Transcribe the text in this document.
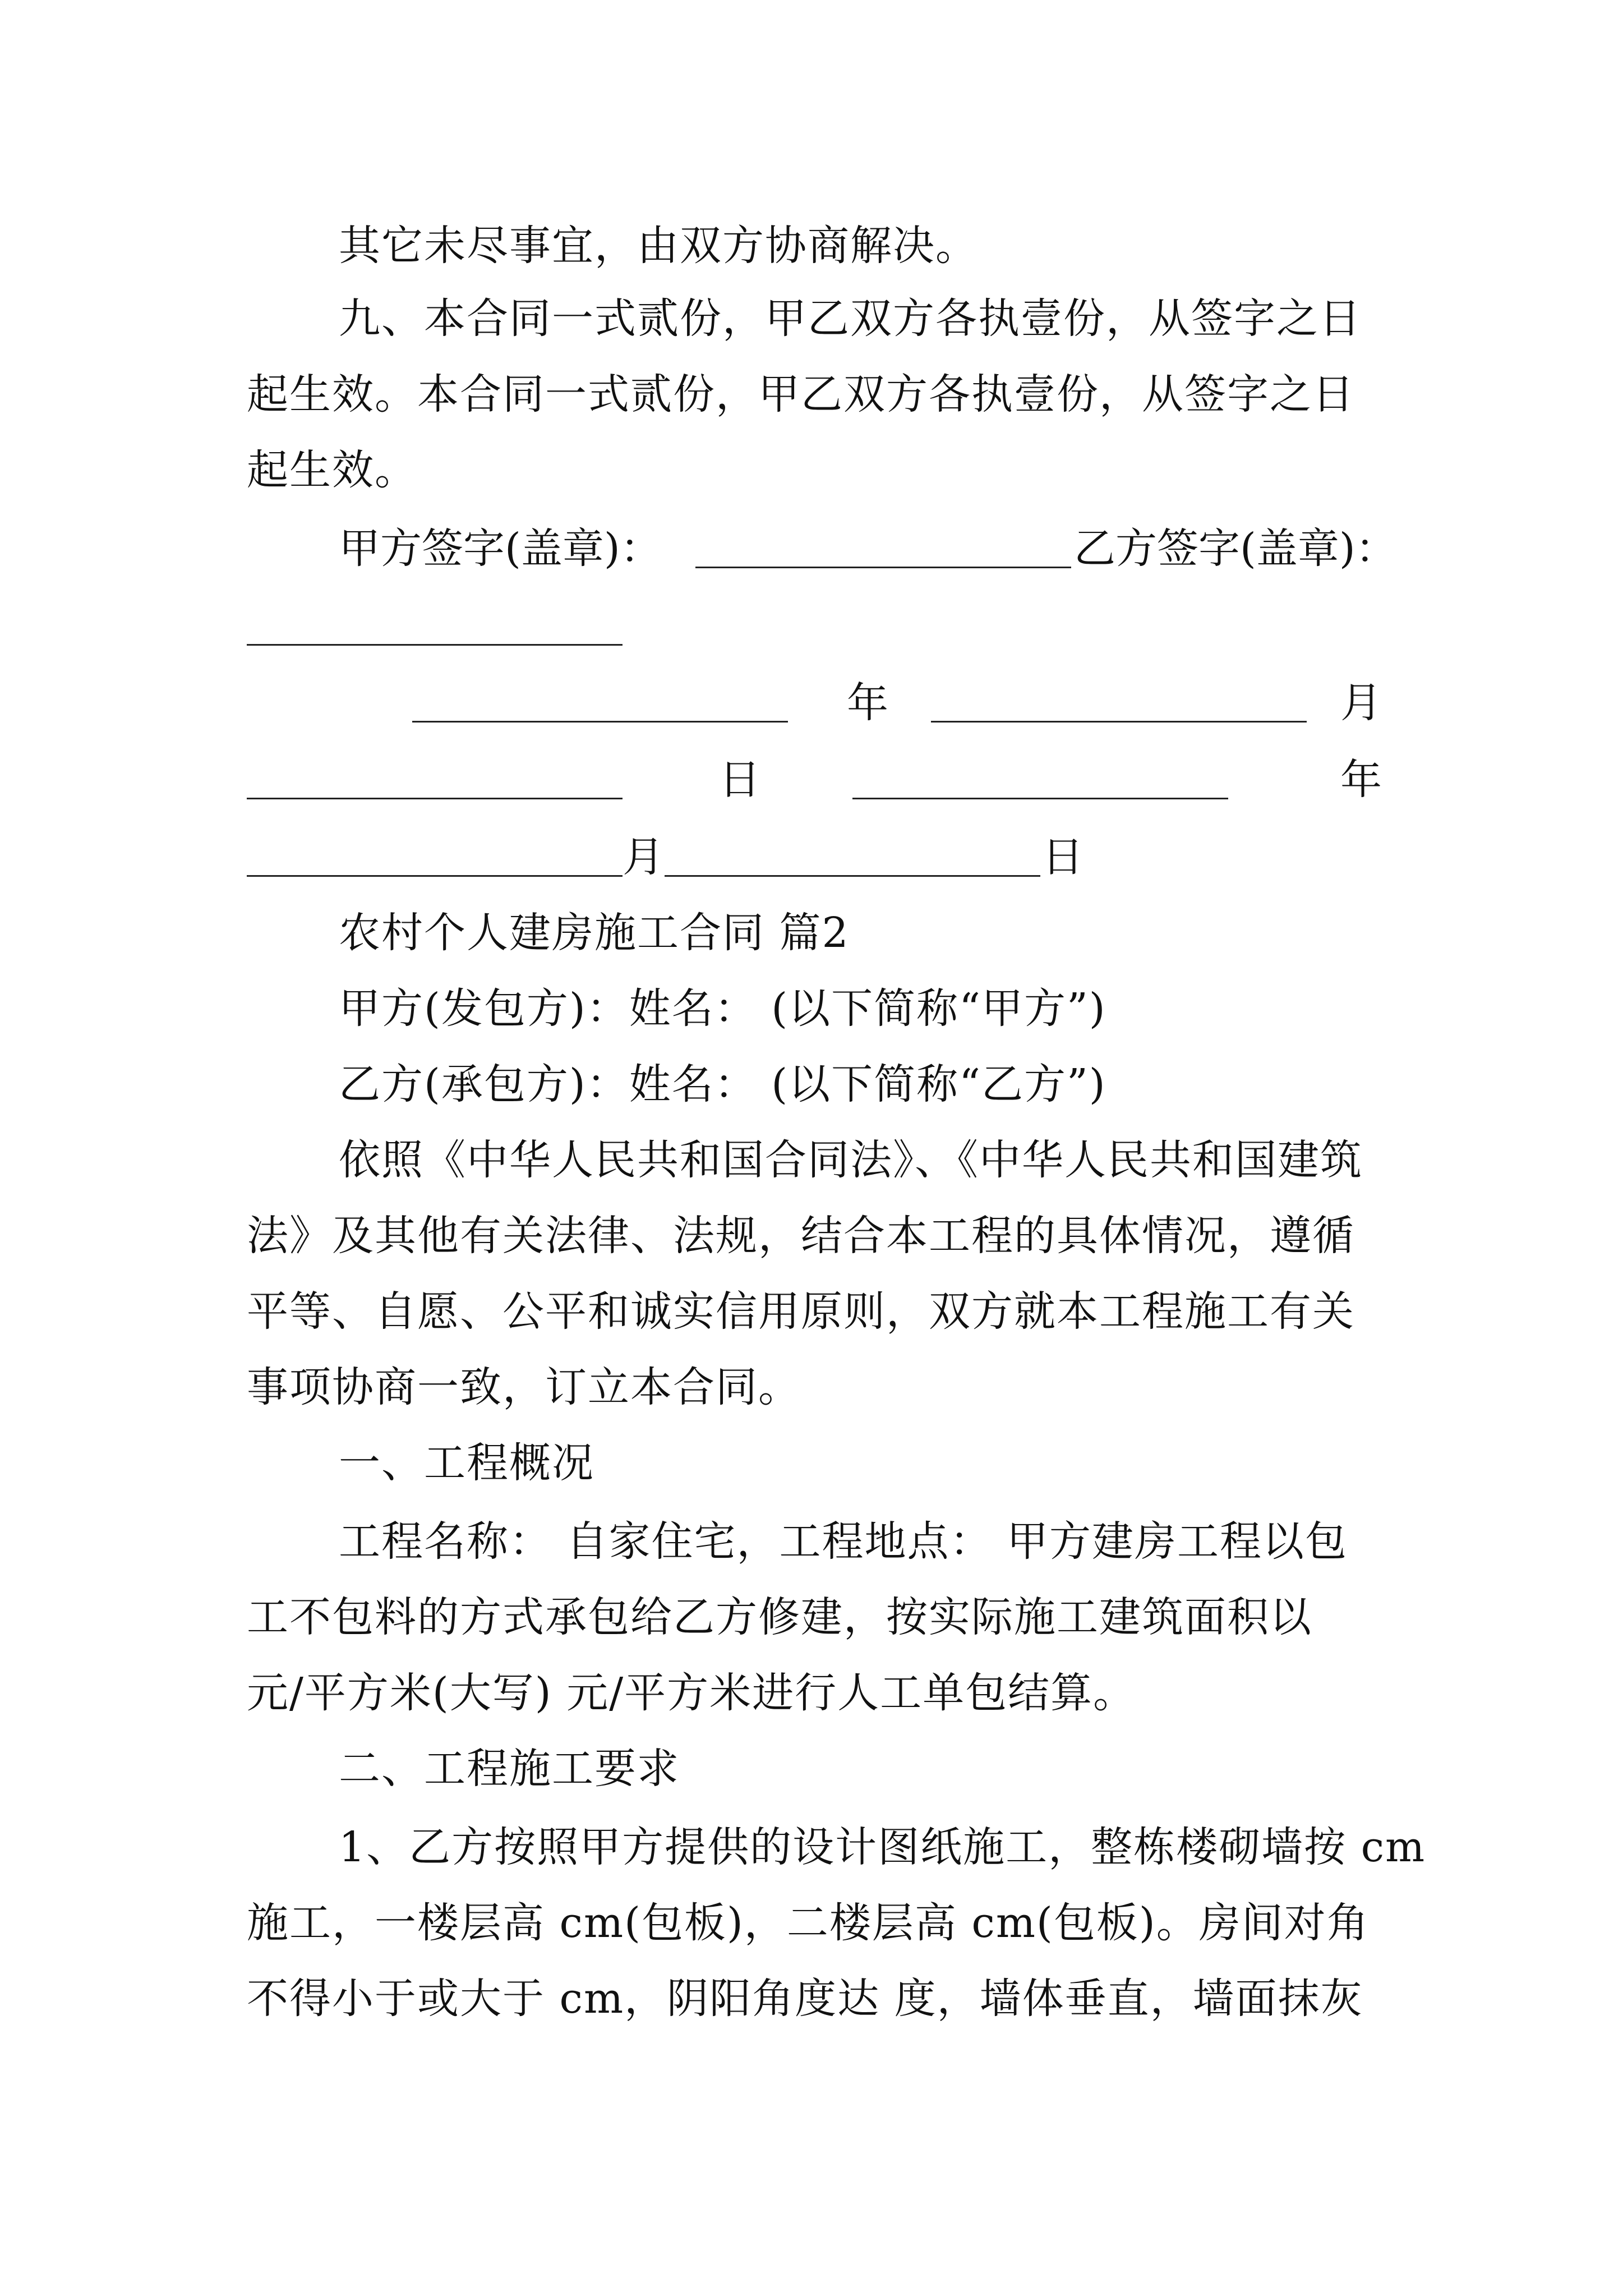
其它未尽事宜，由双方协商解决。
九、本合同一式贰份，甲乙双方各执壹份，从签字之日
起生效。本合同一式贰份，甲乙双方各执壹份，从签字之日
起生效。
甲方签字(盖章)：	乙方签字(盖章)：
年	月
日	年
月	日
农村个人建房施工合同 篇2
甲方(发包方)：姓名： (以下简称“甲方”)
乙方(承包方)：姓名： (以下简称“乙方”)
依照《中华人民共和国合同法》、《中华人民共和国建筑
法》及其他有关法律、法规，结合本工程的具体情况，遵循
平等、自愿、公平和诚实信用原则，双方就本工程施工有关
事项协商一致，订立本合同。
一、工程概况
工程名称： 自家住宅，工程地点： 甲方建房工程以包
工不包料的方式承包给乙方修建，按实际施工建筑面积以
元/平方米(大写) 元/平方米进行人工单包结算。
二、工程施工要求
1、乙方按照甲方提供的设计图纸施工，整栋楼砌墙按 cm
施工，一楼层高 cm(包板)，二楼层高 cm(包板)。房间对角
不得小于或大于 cm，阴阳角度达 度，墙体垂直，墙面抹灰
